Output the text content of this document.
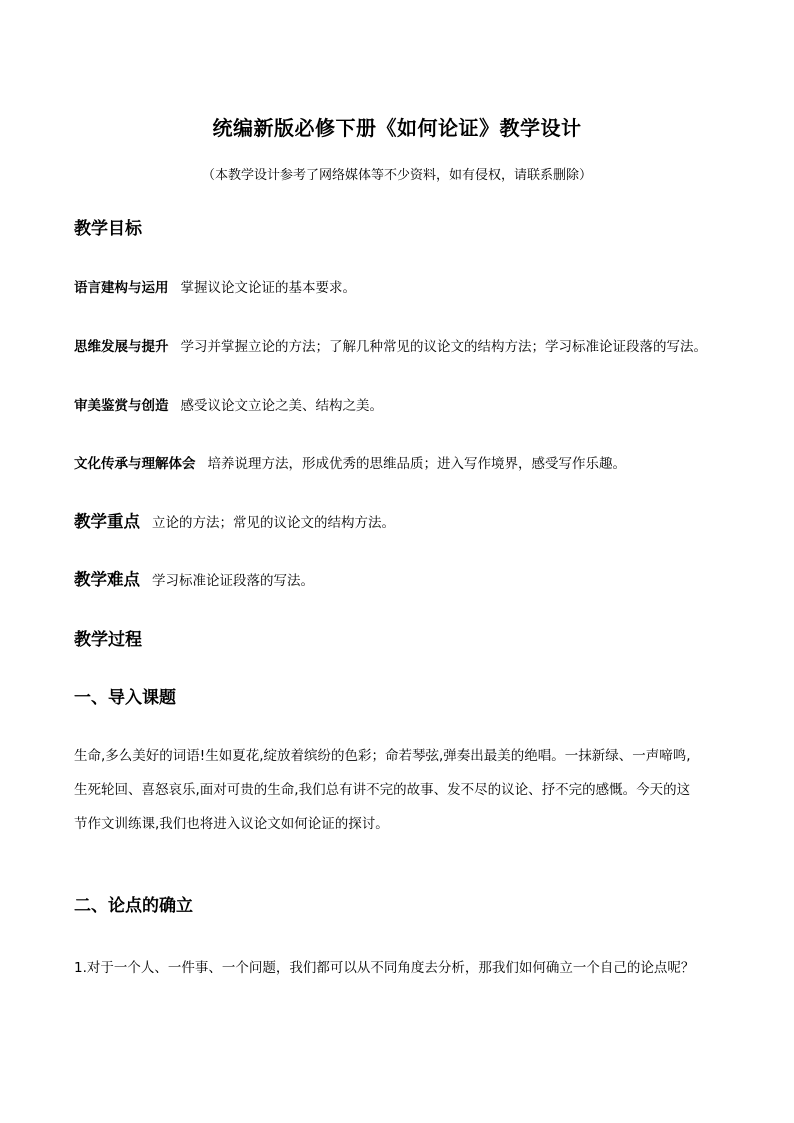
统编新版必修下册《如何论证》教学设计
（本教学设计参考了网络媒体等不少资料，如有侵权，请联系删除）
教学目标
语言建构与运用 掌握议论文论证的基本要求。
思维发展与提升 学习并掌握立论的方法；了解几种常见的议论文的结构方法；学习标准论证段落的写法。
审美鉴赏与创造 感受议论文立论之美、结构之美。
文化传承与理解体会 培养说理方法，形成优秀的思维品质；进入写作境界，感受写作乐趣。
教学重点 立论的方法；常见的议论文的结构方法。
教学难点 学习标准论证段落的写法。
教学过程
一、导入课题
生命,多么美好的词语!生如夏花,绽放着缤纷的色彩；命若琴弦,弹奏出最美的绝唱。一抹新绿、一声啼鸣,
生死轮回、喜怒哀乐,面对可贵的生命,我们总有讲不完的故事、发不尽的议论、抒不完的感慨。今天的这
节作文训练课,我们也将进入议论文如何论证的探讨。
二、论点的确立
1.对于一个人、一件事、一个问题，我们都可以从不同角度去分析，那我们如何确立一个自己的论点呢？
